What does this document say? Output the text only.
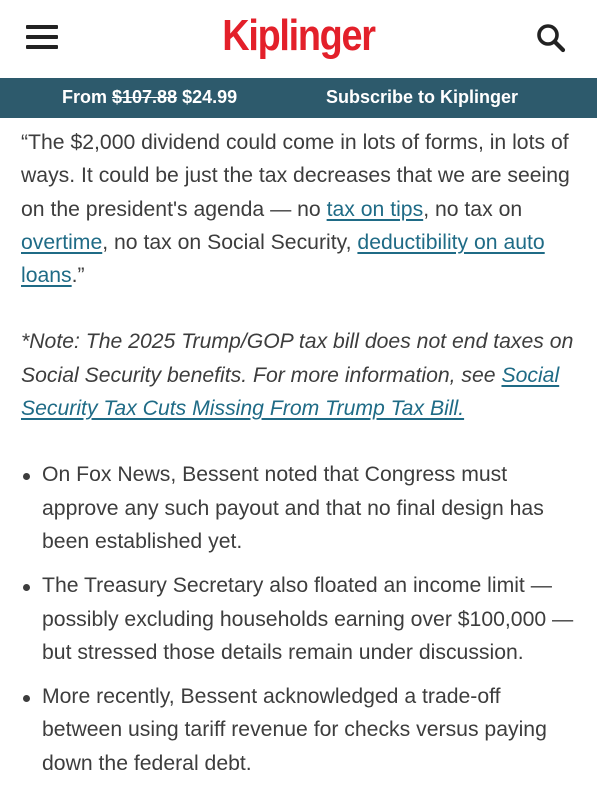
Kiplinger
From $107.88 $24.99	Subscribe to Kiplinger

“The $2,000 dividend could come in lots of forms, in lots of ways. It could be just the tax decreases that we are seeing on the president's agenda — no tax on tips, no tax on overtime, no tax on Social Security, deductibility on auto loans.”

*Note: The 2025 Trump/GOP tax bill does not end taxes on Social Security benefits. For more information, see Social Security Tax Cuts Missing From Trump Tax Bill.

On Fox News, Bessent noted that Congress must approve any such payout and that no final design has been established yet.
The Treasury Secretary also floated an income limit — possibly excluding households earning over $100,000 — but stressed those details remain under discussion.
More recently, Bessent acknowledged a trade-off between using tariff revenue for checks versus paying down the federal debt.
